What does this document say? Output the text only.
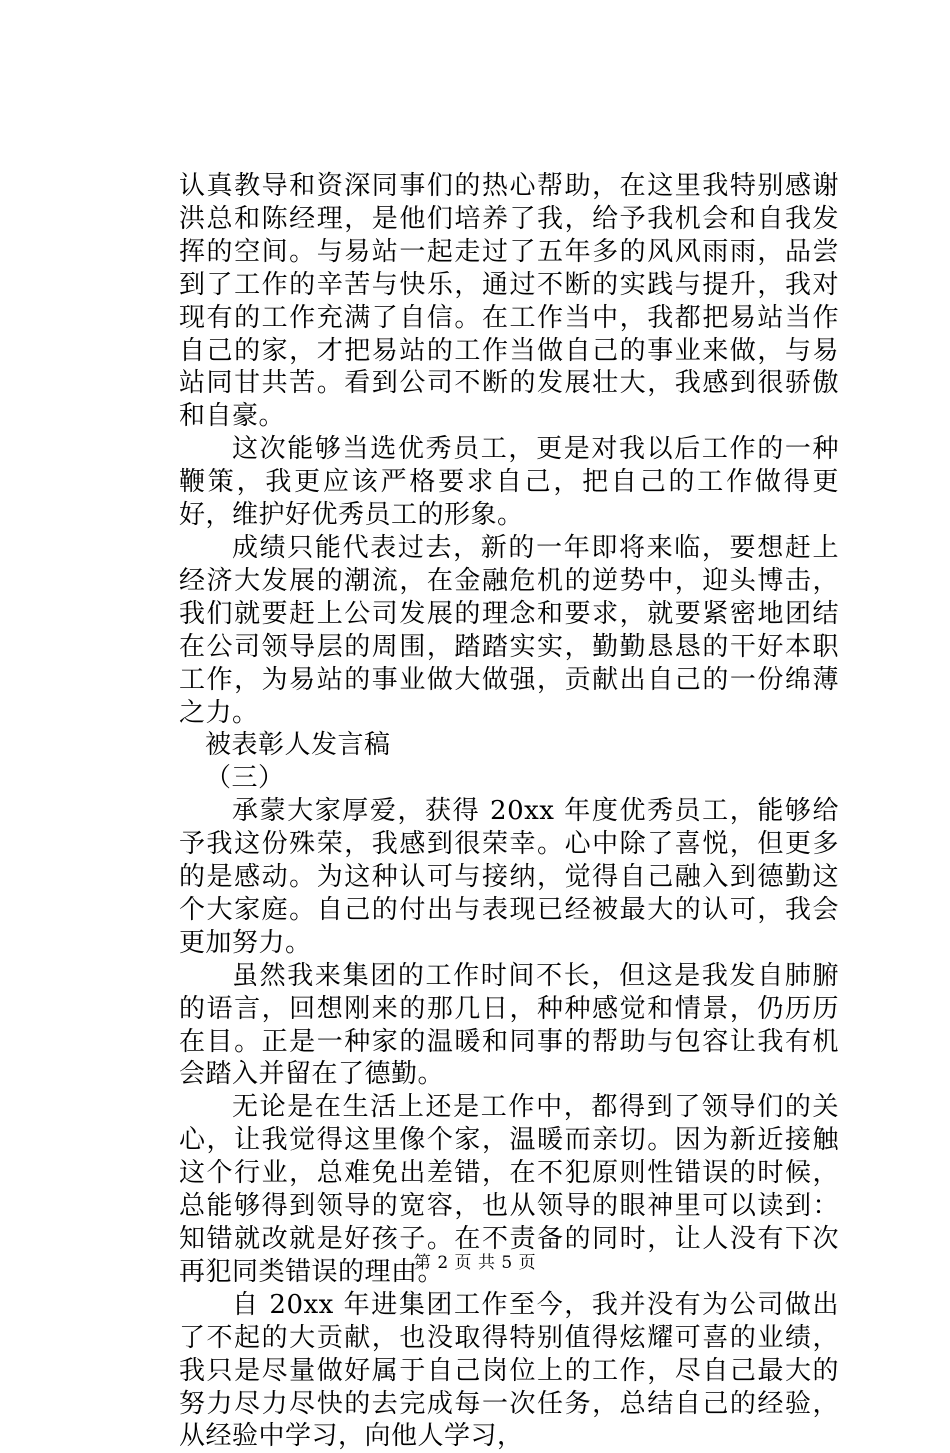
认真教导和资深同事们的热心帮助，在这里我特别感谢洪总和陈经理，是他们培养了我，给予我机会和自我发挥的空间。与易站一起走过了五年多的风风雨雨，品尝到了工作的辛苦与快乐，通过不断的实践与提升，我对现有的工作充满了自信。在工作当中，我都把易站当作自己的家，才把易站的工作当做自己的事业来做，与易站同甘共苦。看到公司不断的发展壮大，我感到很骄傲和自豪。

这次能够当选优秀员工，更是对我以后工作的一种鞭策，我更应该严格要求自己，把自己的工作做得更好，维护好优秀员工的形象。

成绩只能代表过去，新的一年即将来临，要想赶上经济大发展的潮流，在金融危机的逆势中，迎头博击，我们就要赶上公司发展的理念和要求，就要紧密地团结在公司领导层的周围，踏踏实实，勤勤恳恳的干好本职工作，为易站的事业做大做强，贡献出自己的一份绵薄之力。

被表彰人发言稿

（三）

承蒙大家厚爱，获得 20xx 年度优秀员工，能够给予我这份殊荣，我感到很荣幸。心中除了喜悦，但更多的是感动。为这种认可与接纳，觉得自己融入到德勤这个大家庭。自己的付出与表现已经被最大的认可，我会更加努力。

虽然我来集团的工作时间不长，但这是我发自肺腑的语言，回想刚来的那几日，种种感觉和情景，仍历历在目。正是一种家的温暖和同事的帮助与包容让我有机会踏入并留在了德勤。

无论是在生活上还是工作中，都得到了领导们的关心，让我觉得这里像个家，温暖而亲切。因为新近接触这个行业，总难免出差错，在不犯原则性错误的时候，总能够得到领导的宽容，也从领导的眼神里可以读到：知错就改就是好孩子。在不责备的同时，让人没有下次再犯同类错误的理由。

自 20xx 年进集团工作至今，我并没有为公司做出了不起的大贡献，也没取得特别值得炫耀可喜的业绩，我只是尽量做好属于自己岗位上的工作，尽自己最大的努力尽力尽快的去完成每一次任务，总结自己的经验，从经验中学习，向他人学习，

第 2 页 共 5 页
